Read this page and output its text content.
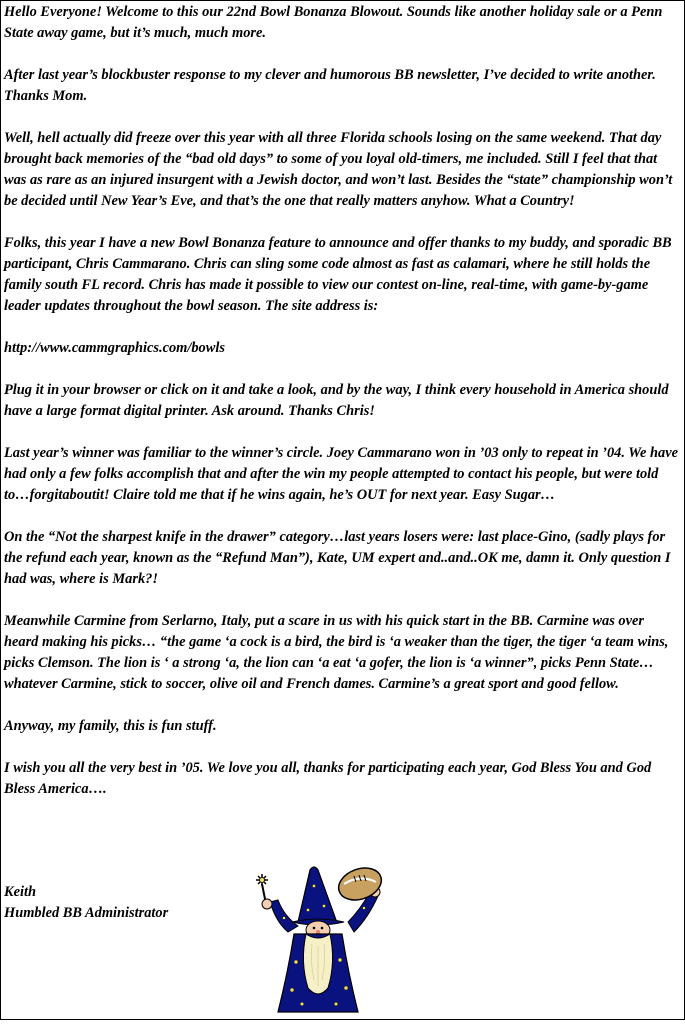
Hello Everyone! Welcome to this our 22nd Bowl Bonanza Blowout. Sounds like another holiday sale or a Penn State away game, but it’s much, much more.

After last year’s blockbuster response to my clever and humorous BB newsletter, I’ve decided to write another. Thanks Mom.

Well, hell actually did freeze over this year with all three Florida schools losing on the same weekend. That day brought back memories of the “bad old days” to some of you loyal old-timers, me included. Still I feel that that was as rare as an injured insurgent with a Jewish doctor, and won’t last. Besides the “state” championship won’t be decided until New Year’s Eve, and that’s the one that really matters anyhow. What a Country!

Folks, this year I have a new Bowl Bonanza feature to announce and offer thanks to my buddy, and sporadic BB participant, Chris Cammarano. Chris can sling some code almost as fast as calamari, where he still holds the family south FL record. Chris has made it possible to view our contest on-line, real-time, with game-by-game leader updates throughout the bowl season. The site address is:

http://www.cammgraphics.com/bowls

Plug it in your browser or click on it and take a look, and by the way, I think every household in America should have a large format digital printer. Ask around. Thanks Chris!

Last year’s winner was familiar to the winner’s circle. Joey Cammarano won in ’03 only to repeat in ’04. We have had only a few folks accomplish that and after the win my people attempted to contact his people, but were told to…forgitaboutit! Claire told me that if he wins again, he’s OUT for next year. Easy Sugar…

On the “Not the sharpest knife in the drawer” category…last years losers were: last place-Gino, (sadly plays for the refund each year, known as the “Refund Man”), Kate, UM expert and..and..OK me, damn it. Only question I had was, where is Mark?!

Meanwhile Carmine from Serlarno, Italy, put a scare in us with his quick start in the BB. Carmine was over heard making his picks… “the game ‘a cock is a bird, the bird is ‘a weaker than the tiger, the tiger ‘a team wins, picks Clemson. The lion is ‘ a strong ‘a, the lion can ‘a eat ‘a gofer, the lion is ‘a winner”, picks Penn State…whatever Carmine, stick to soccer, olive oil and French dames. Carmine’s a great sport and good fellow.

Anyway, my family, this is fun stuff.

I wish you all the very best in ’05. We love you all, thanks for participating each year, God Bless You and God Bless America….

Keith
Humbled BB Administrator
